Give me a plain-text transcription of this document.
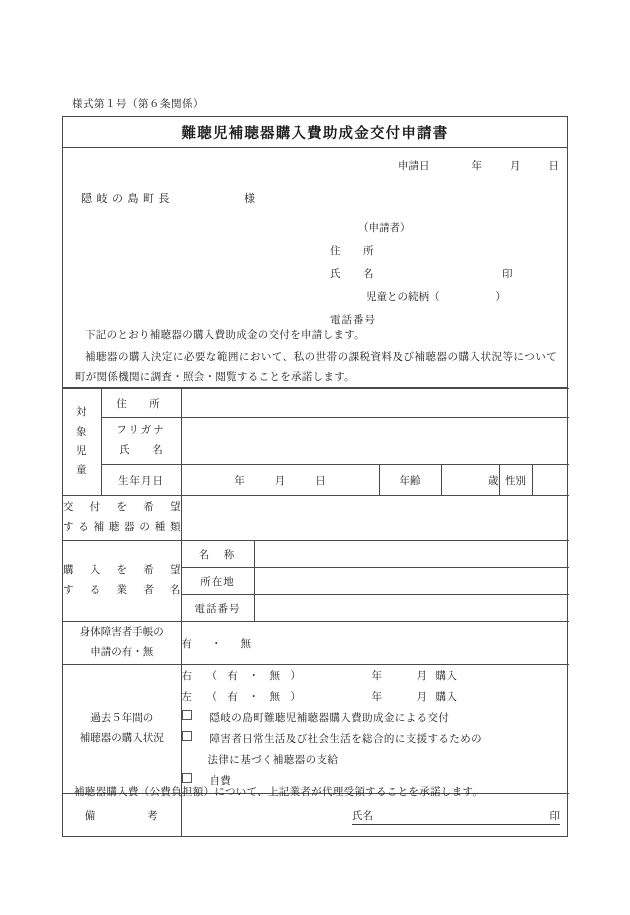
様式第１号（第６条関係）
難聴児補聴器購入費助成金交付申請書
申請日	年	月	日
隠岐の島町長	様
（申請者）
住　所
氏　名	印
児童との続柄（	）
電話番号
下記のとおり補聴器の購入費助成金の交付を申請します。
補聴器の購入決定に必要な範囲において、私の世帯の課税資料及び補聴器の購入状況等について町が関係機関に調査・照会・閲覧することを承諾します。
対
象
児
童	住　所						

	フリガナ
氏　名						

	生年月日	年 月 日		年齢	歳	性別	

交付を希望
する補聴器の種類							

購入を希望
する業者名		名　称					
		所在地					
		電話番号					

身体障害者手帳の
申請の有・無		有 ・ 無					

過去５年間の
補聴器の購入状況

右 （ 有 ・ 無 ）	年	月 購入
左 （ 有 ・ 無 ）	年	月 購入
隠岐の島町難聴児補聴器購入費助成金による交付
障害者日常生活及び社会生活を総合的に支援するための
法律に基づく補聴器の支給
自費

備考							
補聴器購入費（公費負担額）について、上記業者が代理受領することを承諾します。
氏名	印
